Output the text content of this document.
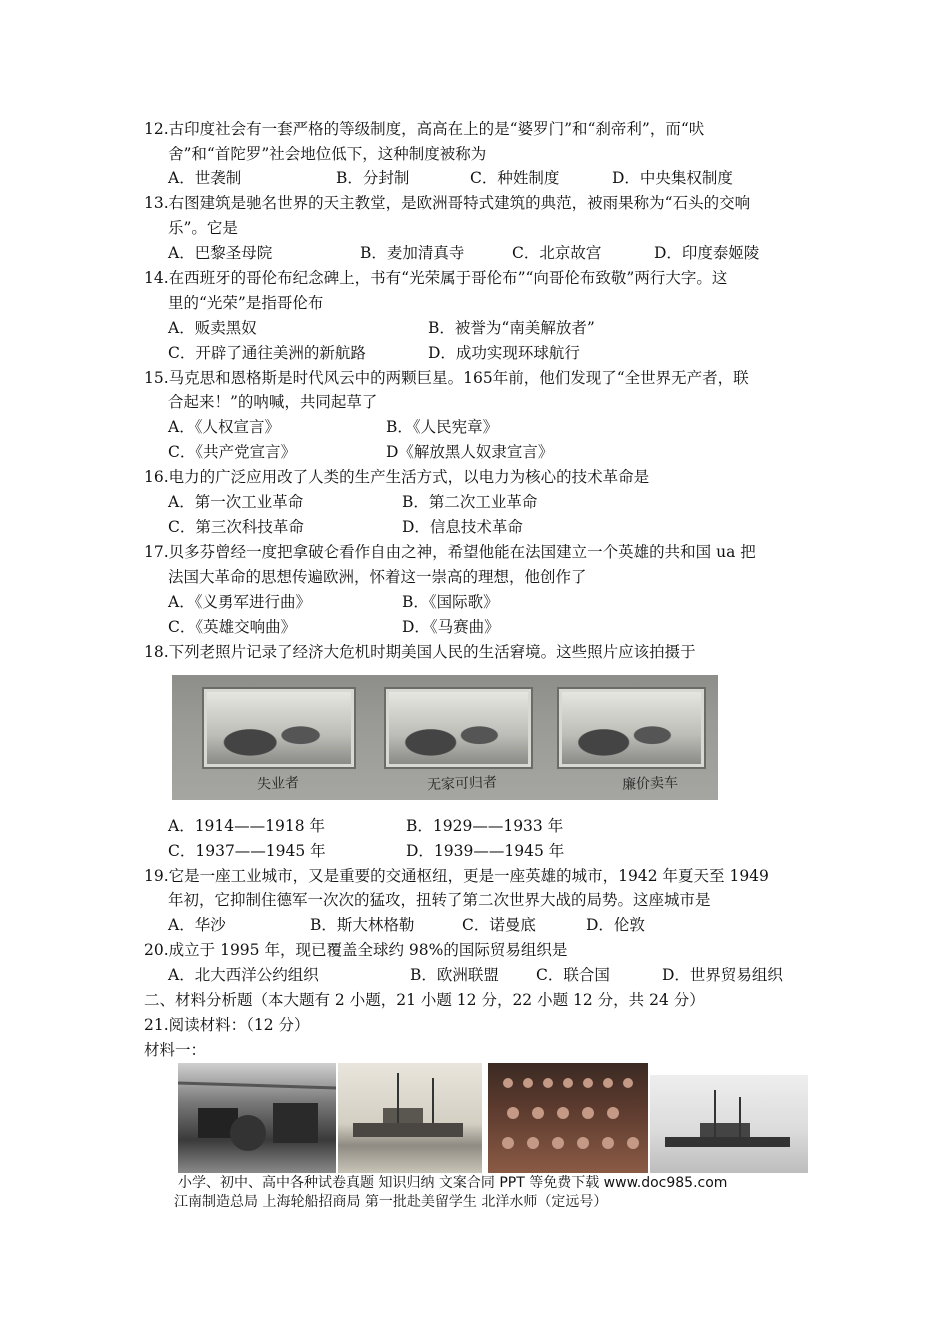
12.古印度社会有一套严格的等级制度，高高在上的是“婆罗门”和“刹帝利”，而“吠
舍”和“首陀罗”社会地位低下，这种制度被称为
A．世袭制	B．分封制	C．种姓制度	D．中央集权制度
13.右图建筑是驰名世界的天主教堂，是欧洲哥特式建筑的典范，被雨果称为“石头的交响
乐”。它是
A．巴黎圣母院	B．麦加清真寺	C．北京故宫	D．印度泰姬陵
14.在西班牙的哥伦布纪念碑上，书有“光荣属于哥伦布”“向哥伦布致敬”两行大字。这
里的“光荣”是指哥伦布
A．贩卖黑奴	B．被誉为“南美解放者”
C．开辟了通往美洲的新航路	D．成功实现环球航行
15.马克思和恩格斯是时代风云中的两颗巨星。165年前，他们发现了“全世界无产者，联
合起来！”的呐喊，共同起草了
A．《人权宣言》	B．《人民宪章》
C．《共产党宣言》	D《解放黑人奴隶宣言》
16.电力的广泛应用改了人类的生产生活方式，以电力为核心的技术革命是
A．第一次工业革命	B．第二次工业革命
C．第三次科技革命	D．信息技术革命
17.贝多芬曾经一度把拿破仑看作自由之神，希望他能在法国建立一个英雄的共和国 ua 把
法国大革命的思想传遍欧洲，怀着这一崇高的理想，他创作了
A．《义勇军进行曲》	B．《国际歌》
C．《英雄交响曲》	D．《马赛曲》
18.下列老照片记录了经济大危机时期美国人民的生活窘境。这些照片应该拍摄于
失业者	无家可归者	廉价卖车
A．1914——1918 年	B．1929——1933 年
C．1937——1945 年	D．1939——1945 年
19.它是一座工业城市，又是重要的交通枢纽，更是一座英雄的城市，1942 年夏天至 1949
年初，它抑制住德军一次次的猛攻，扭转了第二次世界大战的局势。这座城市是
A．华沙	B．斯大林格勒	C．诺曼底	D．伦敦
20.成立于 1995 年，现已覆盖全球约 98%的国际贸易组织是
A．北大西洋公约组织	B．欧洲联盟 C．联合国	D．世界贸易组织
二、材料分析题（本大题有 2 小题，21 小题 12 分，22 小题 12 分，共 24 分）
21.阅读材料：（12 分）
材料一：
小学、初中、高中各种试卷真题 知识归纳 文案合同 PPT 等免费下载 www.doc985.com
江南制造总局 上海轮船招商局 第一批赴美留学生 北洋水师（定远号）
